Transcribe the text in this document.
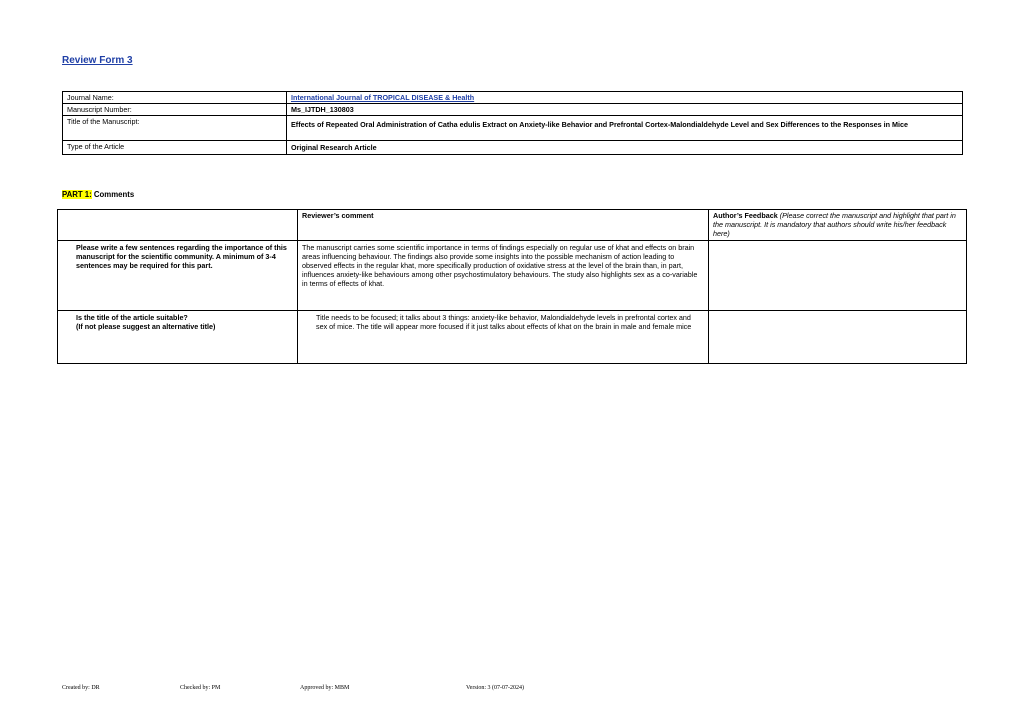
Review Form 3
Journal Name:	International Journal of TROPICAL DISEASE & Health
Manuscript Number:	Ms_IJTDH_130803
Title of the Manuscript:	Effects of Repeated Oral Administration of Catha edulis Extract on Anxiety-like Behavior and Prefrontal Cortex-Malondialdehyde Level and Sex Differences to the Responses in Mice
Type of the Article	Original Research Article
PART 1: Comments
	Reviewer’s comment	Author’s Feedback (Please correct the manuscript and highlight that part in the manuscript. It is mandatory that authors should write his/her feedback here)
Please write a few sentences regarding the importance of this manuscript for the scientific community. A minimum of 3-4 sentences may be required for this part.	The manuscript carries some scientific importance in terms of findings especially on regular use of khat and effects on brain areas influencing behaviour. The findings also provide some insights into the possible mechanism of action leading to observed effects in the regular khat, more specifically production of oxidative stress at the level of the brain than, in part, influences anxiety-like behaviours among other psychostimulatory behaviours. The study also highlights sex as a co-variable in terms of effects of khat.	
Is the title of the article suitable?
(If not please suggest an alternative title)	Title needs to be focused; it talks about 3 things: anxiety-like behavior, Malondialdehyde levels in prefrontal cortex and sex of mice. The title will appear more focused if it just talks about effects of khat on the brain in male and female mice	
Created by: DR	Checked by: PM	Approved by: MBM	Version: 3 (07-07-2024)
